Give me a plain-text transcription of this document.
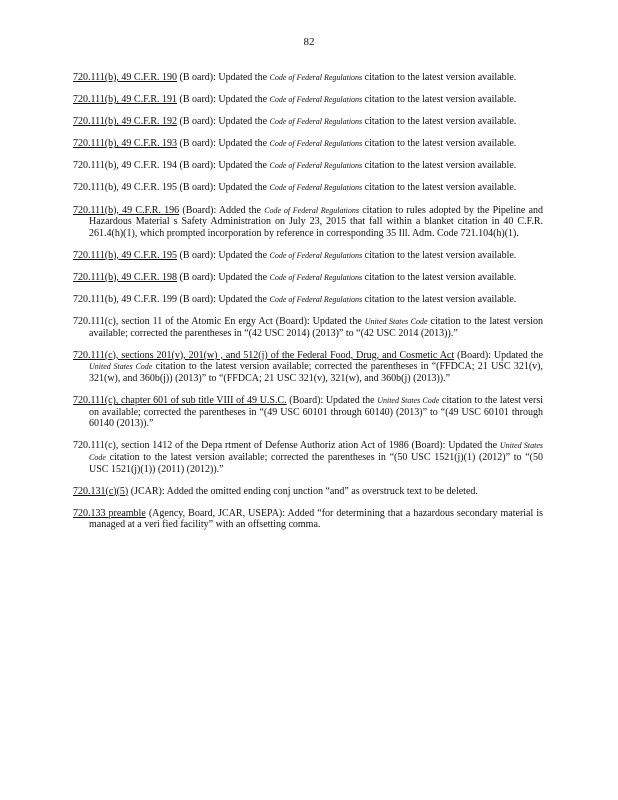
82
720.111(b), 49 C.F.R. 190 (B oard): Updated the Code of Federal Regulations citation to the latest version available.
720.111(b), 49 C.F.R. 191 (B oard): Updated the Code of Federal Regulations citation to the latest version available.
720.111(b), 49 C.F.R. 192 (B oard): Updated the Code of Federal Regulations citation to the latest version available.
720.111(b), 49 C.F.R. 193 (B oard): Updated the Code of Federal Regulations citation to the latest version available.
720.111(b), 49 C.F.R. 194 (B oard): Updated the Code of Federal Regulations citation to the latest version available.
720.111(b), 49 C.F.R. 195 (B oard): Updated the Code of Federal Regulations citation to the latest version available.
720.111(b), 49 C.F.R. 196 (Board): Added the Code of Federal Regulations citation to rules adopted by the Pipeline and Hazardous Material s Safety Administration on July 23, 2015 that fall within a blanket citation in 40 C.F.R. 261.4(h)(1), which prompted incorporation by reference in corresponding 35 Ill. Adm. Code 721.104(h)(1).
720.111(b), 49 C.F.R. 195 (B oard): Updated the Code of Federal Regulations citation to the latest version available.
720.111(b), 49 C.F.R. 198 (B oard): Updated the Code of Federal Regulations citation to the latest version available.
720.111(b), 49 C.F.R. 199 (B oard): Updated the Code of Federal Regulations citation to the latest version available.
720.111(c), section 11 of the Atomic En ergy Act (Board): Updated the United States Code citation to the latest version available; corrected the parentheses in “(42 USC 2014) (2013)” to “(42 USC 2014 (2013)).”
720.111(c), sections 201(v), 201(w) , and 512(j) of the Federal Food, Drug, and Cosmetic Act (Board): Updated the United States Code citation to the latest version available; corrected the parentheses in “(FFDCA; 21 USC 321(v), 321(w), and 360b(j)) (2013)” to “(FFDCA; 21 USC 321(v), 321(w), and 360b(j) (2013)).”
720.111(c), chapter 601 of sub title VIII of 49 U.S.C. (Board): Updated the United States Code citation to the latest versi on available; corrected the parentheses in “(49 USC 60101 through 60140) (2013)” to “(49 USC 60101 through 60140 (2013)).”
720.111(c), section 1412 of the Depa rtment of Defense Authoriz ation Act of 1986 (Board): Updated the United States Code citation to the latest version available; corrected the parentheses in “(50 USC 1521(j)(1) (2012)” to “(50 USC 1521(j)(1)) (2011) (2012)).”
720.131(c)(5) (JCAR): Added the omitted ending conj unction “and” as overstruck text to be deleted.
720.133 preamble (Agency, Board, JCAR, USEPA): Added “for determining that a hazardous secondary material is managed at a veri fied facility” with an offsetting comma.
